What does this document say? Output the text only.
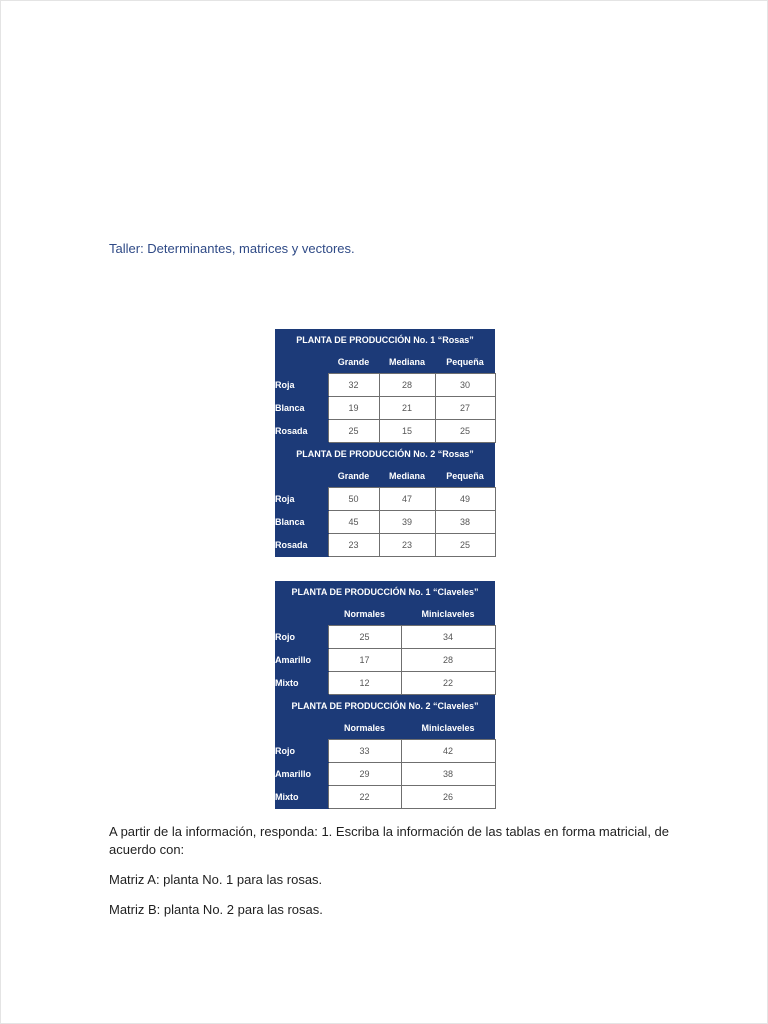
Taller: Determinantes, matrices y vectores.
PLANTA DE PRODUCCIÓN No. 1 “Rosas”			
	Grande	Mediana	Pequeña
Roja	32	28	30
Blanca	19	21	27
Rosada	25	15	25
PLANTA DE PRODUCCIÓN No. 2 “Rosas”			
	Grande	Mediana	Pequeña
Roja	50	47	49
Blanca	45	39	38
Rosada	23	23	25
PLANTA DE PRODUCCIÓN No. 1 “Claveles”		
	Normales	Miniclaveles
Rojo	25	34
Amarillo	17	28
Mixto	12	22
PLANTA DE PRODUCCIÓN No. 2 “Claveles”		
	Normales	Miniclaveles
Rojo	33	42
Amarillo	29	38
Mixto	22	26
A partir de la información, responda: 1. Escriba la información de las tablas en forma matricial, de acuerdo con:
Matriz A: planta No. 1 para las rosas.
Matriz B: planta No. 2 para las rosas.
